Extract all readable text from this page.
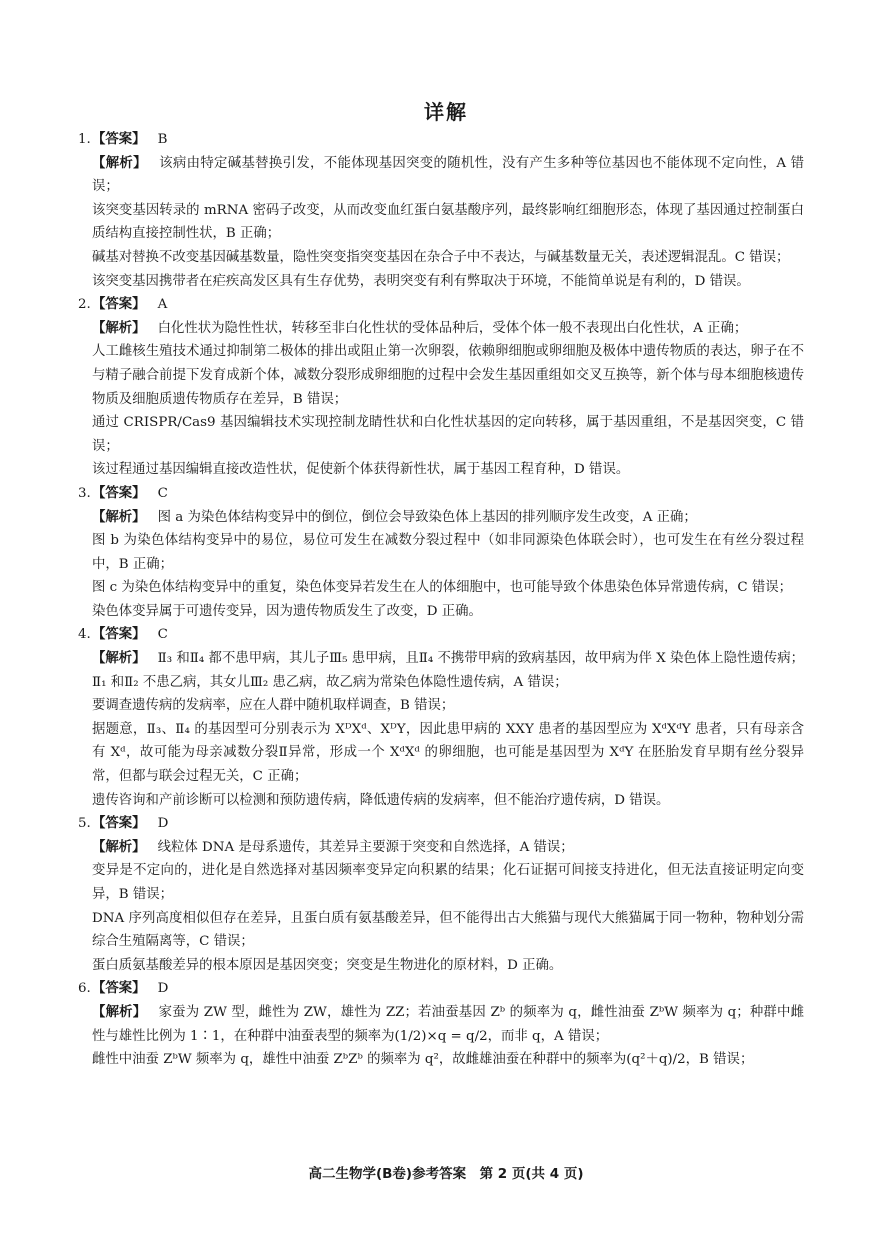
详解
1.【答案】 B

【解析】 该病由特定碱基替换引发，不能体现基因突变的随机性，没有产生多种等位基因也不能体现不定向性，A 错误；

该突变基因转录的 mRNA 密码子改变，从而改变血红蛋白氨基酸序列，最终影响红细胞形态，体现了基因通过控制蛋白质结构直接控制性状，B 正确；

碱基对替换不改变基因碱基数量，隐性突变指突变基因在杂合子中不表达，与碱基数量无关，表述逻辑混乱。C 错误；

该突变基因携带者在疟疾高发区具有生存优势，表明突变有利有弊取决于环境，不能简单说是有利的，D 错误。

2.【答案】 A

【解析】 白化性状为隐性性状，转移至非白化性状的受体品种后，受体个体一般不表现出白化性状，A 正确；

人工雌核生殖技术通过抑制第二极体的排出或阻止第一次卵裂，依赖卵细胞或卵细胞及极体中遗传物质的表达，卵子在不与精子融合前提下发育成新个体，减数分裂形成卵细胞的过程中会发生基因重组如交叉互换等，新个体与母本细胞核遗传物质及细胞质遗传物质存在差异，B 错误；

通过 CRISPR/Cas9 基因编辑技术实现控制龙睛性状和白化性状基因的定向转移，属于基因重组，不是基因突变，C 错误；

该过程通过基因编辑直接改造性状，促使新个体获得新性状，属于基因工程育种，D 错误。

3.【答案】 C

【解析】 图 a 为染色体结构变异中的倒位，倒位会导致染色体上基因的排列顺序发生改变，A 正确；

图 b 为染色体结构变异中的易位，易位可发生在减数分裂过程中（如非同源染色体联会时），也可发生在有丝分裂过程中，B 正确；

图 c 为染色体结构变异中的重复，染色体变异若发生在人的体细胞中，也可能导致个体患染色体异常遗传病，C 错误；

染色体变异属于可遗传变异，因为遗传物质发生了改变，D 正确。

4.【答案】 C

【解析】 Ⅱ₃ 和Ⅱ₄ 都不患甲病，其儿子Ⅲ₅ 患甲病，且Ⅱ₄ 不携带甲病的致病基因，故甲病为伴 X 染色体上隐性遗传病；Ⅱ₁ 和Ⅱ₂ 不患乙病，其女儿Ⅲ₂ 患乙病，故乙病为常染色体隐性遗传病，A 错误；

要调查遗传病的发病率，应在人群中随机取样调查，B 错误；

据题意，Ⅱ₃、Ⅱ₄ 的基因型可分别表示为 XᴰXᵈ、XᴰY，因此患甲病的 XXY 患者的基因型应为 XᵈXᵈY 患者，只有母亲含有 Xᵈ，故可能为母亲减数分裂Ⅱ异常，形成一个 XᵈXᵈ 的卵细胞，也可能是基因型为 XᵈY 在胚胎发育早期有丝分裂异常，但都与联会过程无关，C 正确；

遗传咨询和产前诊断可以检测和预防遗传病，降低遗传病的发病率，但不能治疗遗传病，D 错误。

5.【答案】 D

【解析】 线粒体 DNA 是母系遗传，其差异主要源于突变和自然选择，A 错误；

变异是不定向的，进化是自然选择对基因频率变异定向积累的结果；化石证据可间接支持进化，但无法直接证明定向变异，B 错误；

DNA 序列高度相似但存在差异，且蛋白质有氨基酸差异，但不能得出古大熊猫与现代大熊猫属于同一物种，物种划分需综合生殖隔离等，C 错误；

蛋白质氨基酸差异的根本原因是基因突变；突变是生物进化的原材料，D 正确。

6.【答案】 D

【解析】 家蚕为 ZW 型，雌性为 ZW，雄性为 ZZ；若油蚕基因 Zᵇ 的频率为 q，雌性油蚕 ZᵇW 频率为 q；种群中雌性与雄性比例为 1∶1，在种群中油蚕表型的频率为(1/2)×q = q/2，而非 q，A 错误；

雌性中油蚕 ZᵇW 频率为 q，雄性中油蚕 ZᵇZᵇ 的频率为 q²，故雌雄油蚕在种群中的频率为(q²＋q)/2，B 错误；

高二生物学(B卷)参考答案　第 2 页(共 4 页)
